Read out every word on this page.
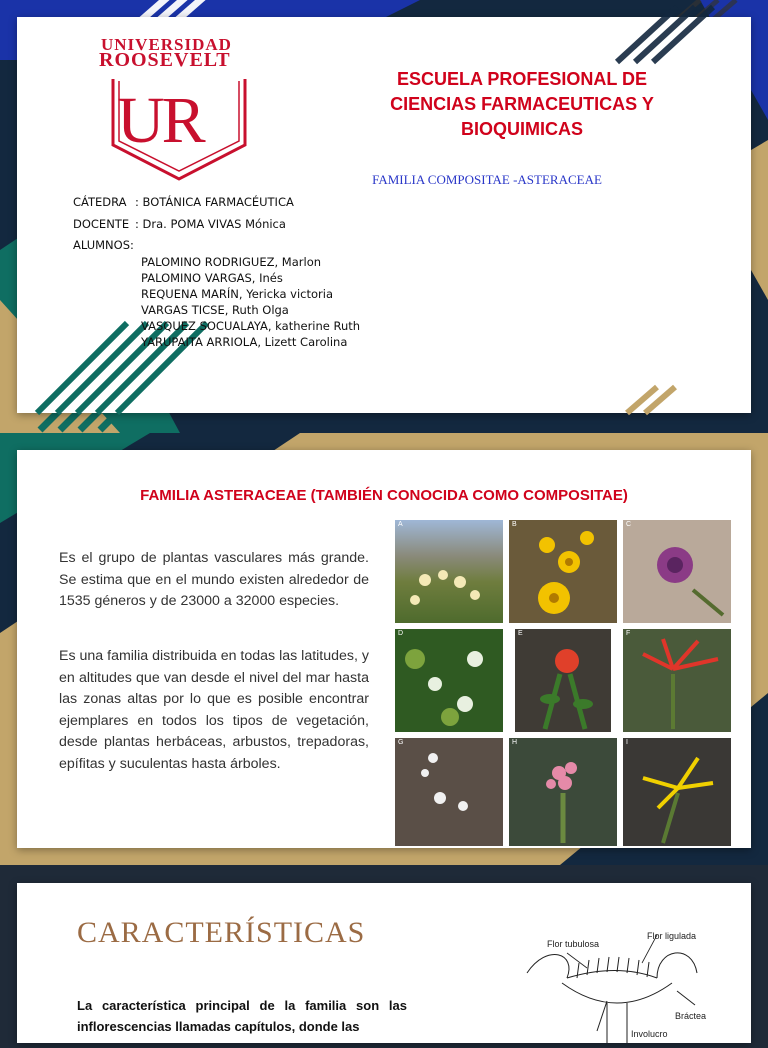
UNIVERSIDAD
ROOSEVELT
UR
ESCUELA PROFESIONAL DE CIENCIAS FARMACEUTICAS Y BIOQUIMICAS
FAMILIA COMPOSITAE -ASTERACEAE
CÁTEDRA : BOTÁNICA FARMACÉUTICA
DOCENTE : Dra. POMA VIVAS Mónica
ALUMNOS:
PALOMINO RODRIGUEZ, Marlon
PALOMINO VARGAS, Inés
REQUENA MARÍN, Yericka victoria
VARGAS TICSE, Ruth Olga
VASQUEZ SOCUALAYA, katherine Ruth
YARUPAITA ARRIOLA, Lizett Carolina
FAMILIA ASTERACEAE (TAMBIÉN CONOCIDA COMO COMPOSITAE)
Es el grupo de plantas vasculares más grande. Se estima que en el mundo existen alrededor de 1535 géneros y de 23000 a 32000 especies.
Es una familia distribuida en todas las latitudes, y en altitudes que van desde el nivel del mar hasta las zonas altas por lo que es posible encontrar ejemplares en todos los tipos de vegetación, desde plantas herbáceas, arbustos, trepadoras, epífitas y suculentas hasta árboles.
A	B	C
D	E	F
G	H	I
CARACTERÍSTICAS
La característica principal de la familia son las inflorescencias llamadas capítulos, donde las
Flor tubulosa
Flor ligulada
Bráctea
Involucro
